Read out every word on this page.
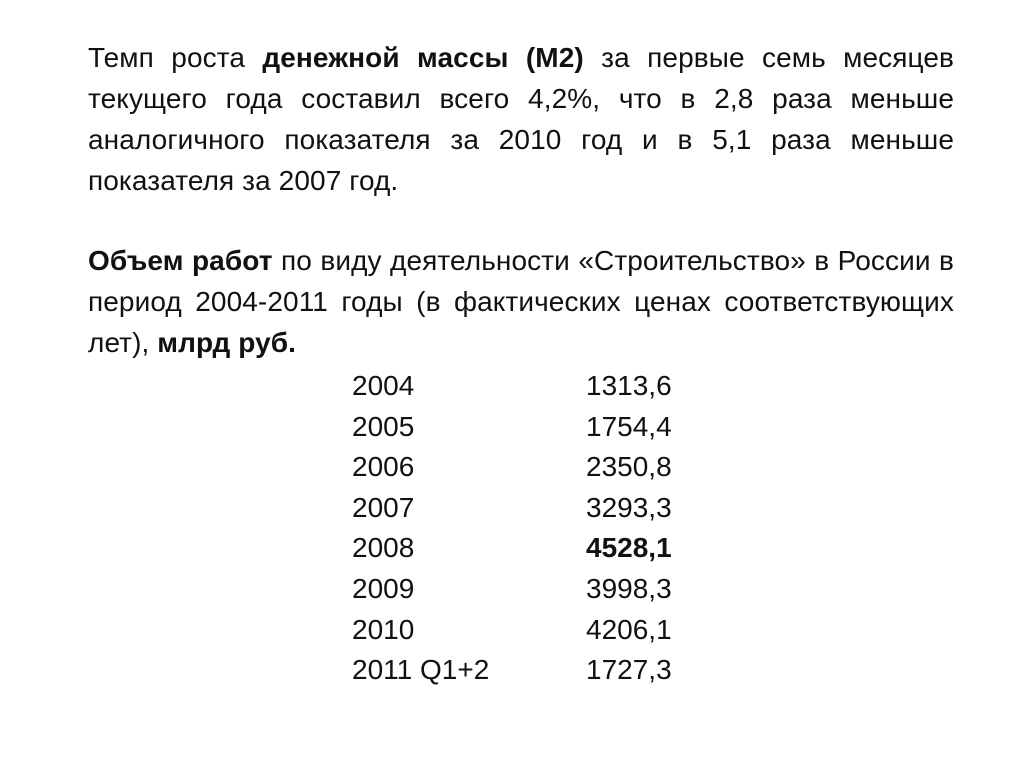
Темп роста денежной массы (М2) за первые семь месяцев текущего года составил всего 4,2%, что в 2,8 раза меньше аналогичного показателя за 2010 год и в 5,1 раза меньше показателя за 2007 год.
Объем работ по виду деятельности «Строительство» в России в период 2004-2011 годы (в фактических ценах соответствующих лет), млрд руб.
2004	1313,6
2005	1754,4
2006	2350,8
2007	3293,3
2008	4528,1
2009	3998,3
2010	4206,1
2011 Q1+2	1727,3
